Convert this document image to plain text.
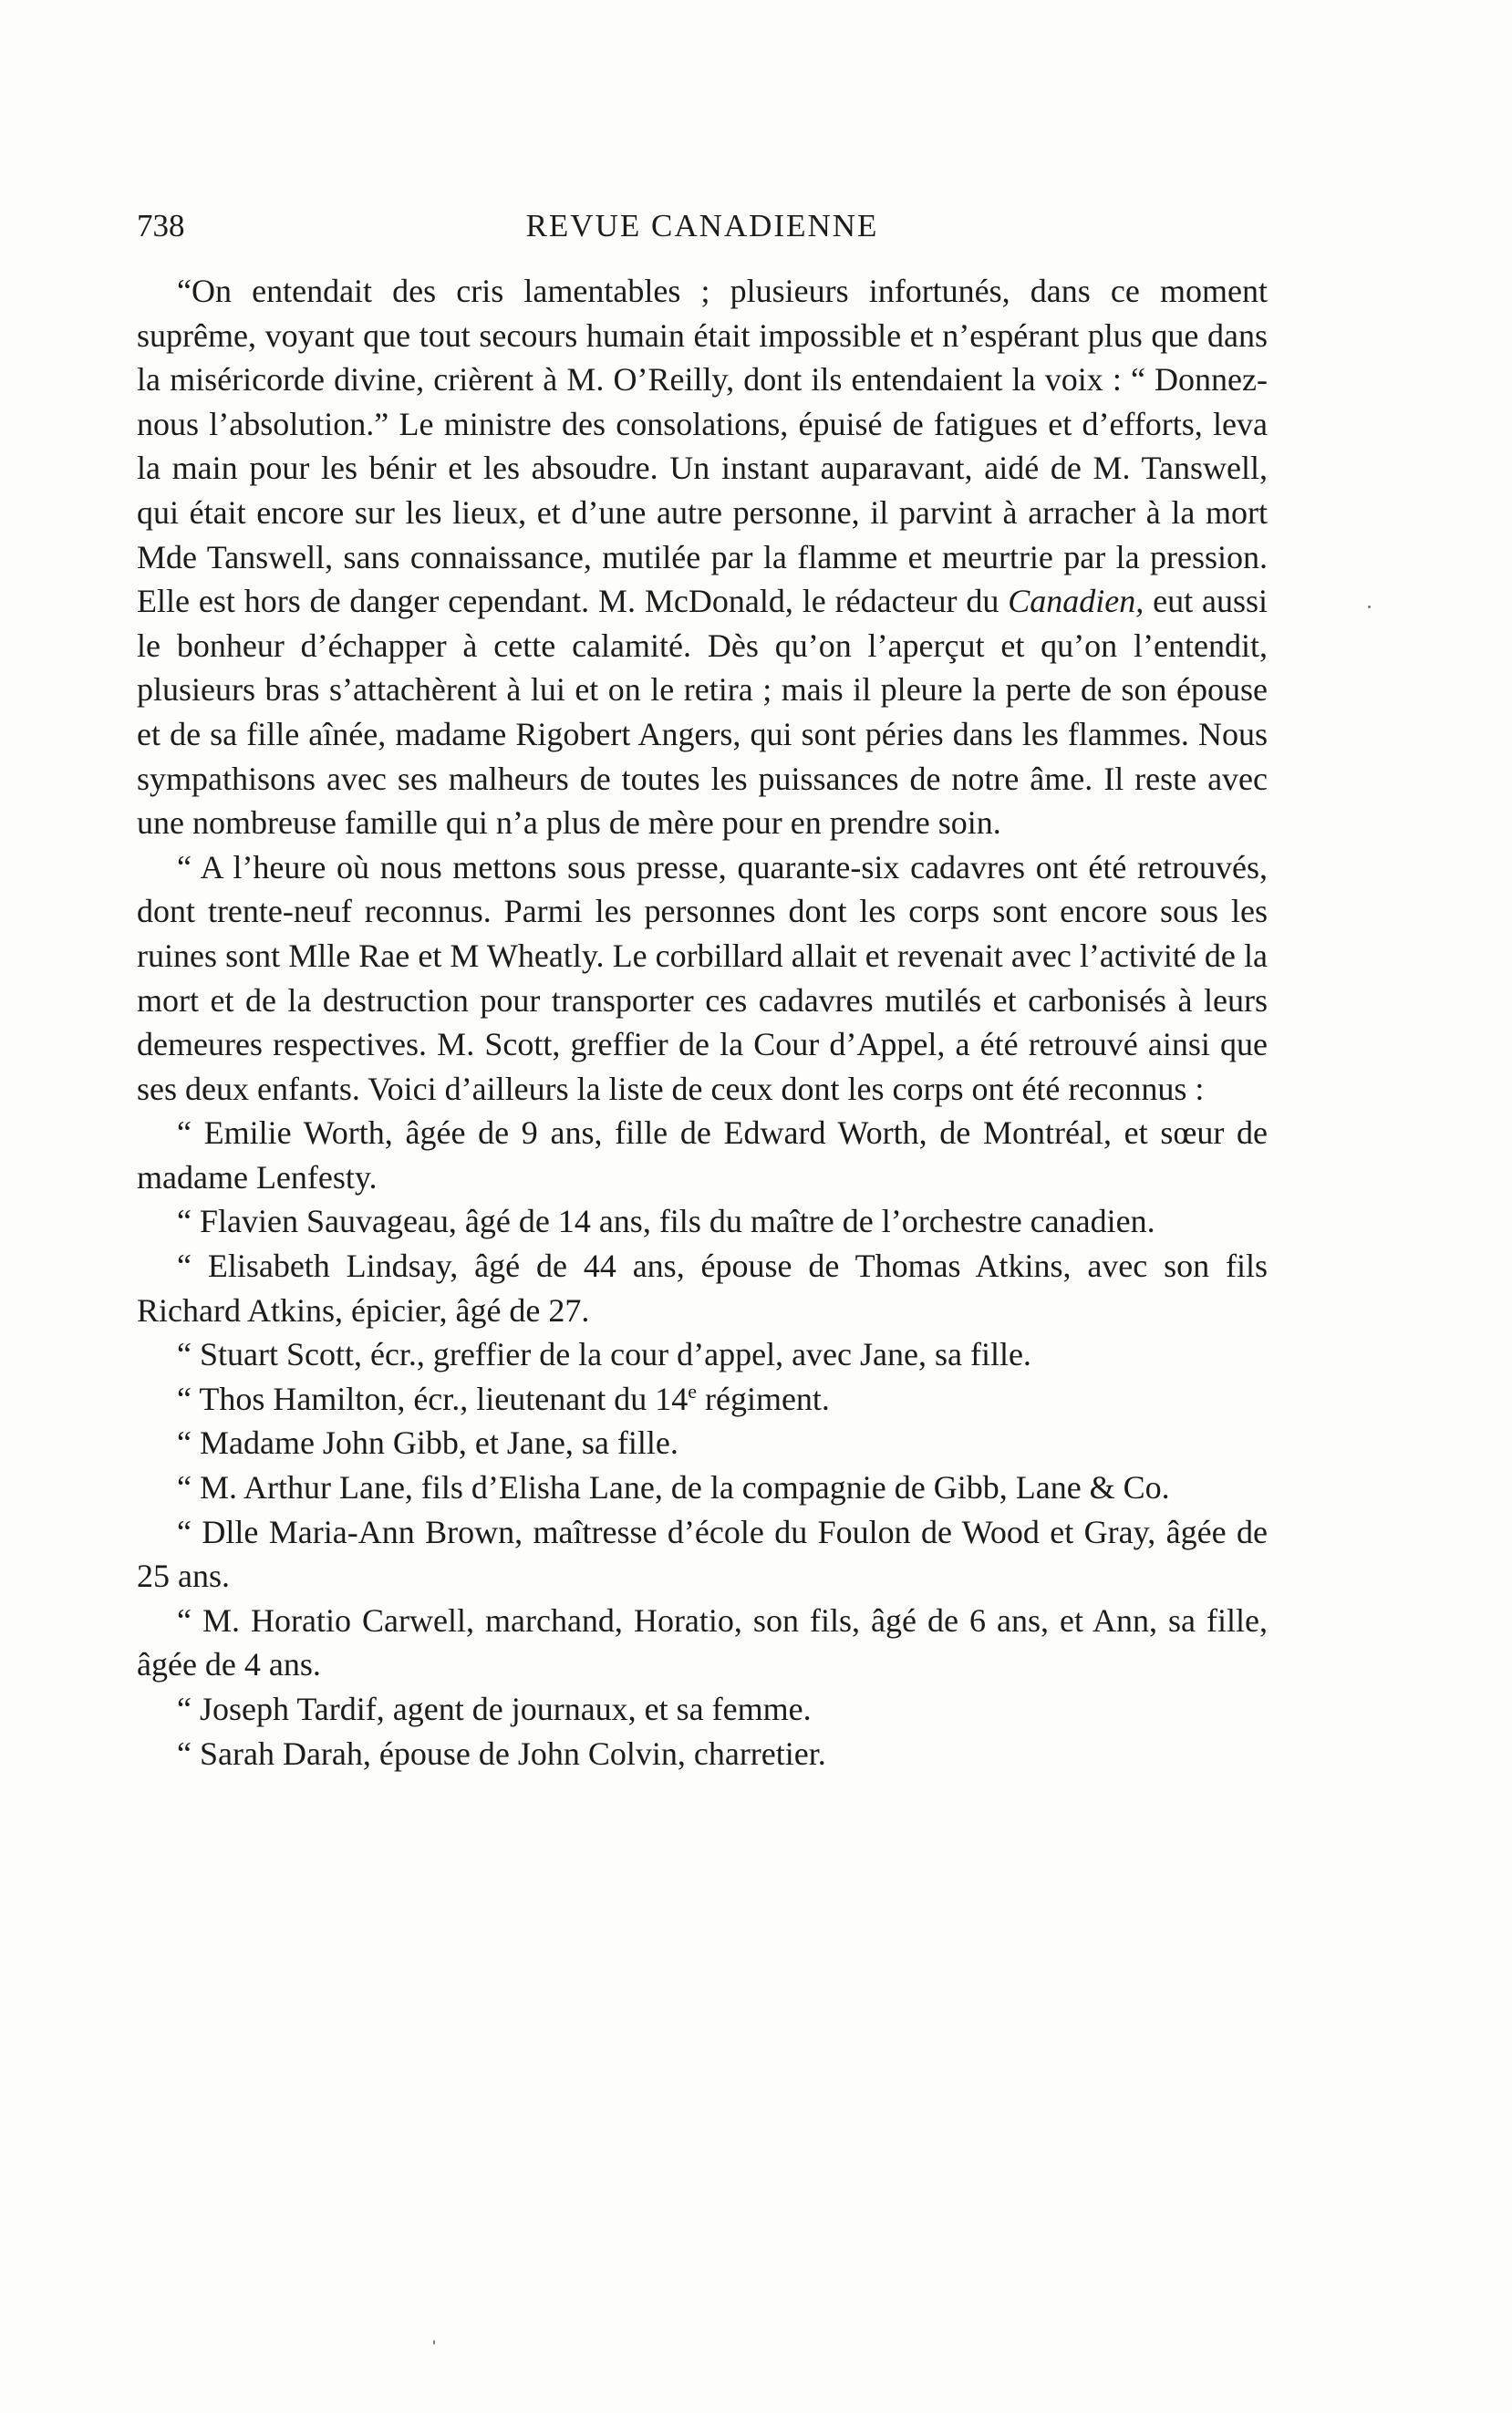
738	REVUE CANADIENNE

“On entendait des cris lamentables ; plusieurs infortunés, dans ce moment suprême, voyant que tout secours humain était impossible et n’espérant plus que dans la miséricorde divine, crièrent à M. O’Reilly, dont ils entendaient la voix : “ Donnez-nous l’absolution.” Le ministre des consolations, épuisé de fatigues et d’efforts, leva la main pour les bénir et les absoudre. Un instant auparavant, aidé de M. Tanswell, qui était encore sur les lieux, et d’une autre personne, il parvint à arracher à la mort Mde Tanswell, sans connaissance, mutilée par la flamme et meurtrie par la pression. Elle est hors de danger cependant. M. McDonald, le rédacteur du Canadien, eut aussi le bonheur d’échapper à cette calamité. Dès qu’on l’aperçut et qu’on l’entendit, plusieurs bras s’attachèrent à lui et on le retira ; mais il pleure la perte de son épouse et de sa fille aînée, madame Rigobert Angers, qui sont péries dans les flammes. Nous sympathisons avec ses malheurs de toutes les puissances de notre âme. Il reste avec une nombreuse famille qui n’a plus de mère pour en prendre soin.

“ A l’heure où nous mettons sous presse, quarante-six cadavres ont été retrouvés, dont trente-neuf reconnus. Parmi les personnes dont les corps sont encore sous les ruines sont Mlle Rae et M Wheatly. Le corbillard allait et revenait avec l’activité de la mort et de la destruction pour transporter ces cadavres mutilés et carbonisés à leurs demeures respectives. M. Scott, greffier de la Cour d’Appel, a été retrouvé ainsi que ses deux enfants. Voici d’ailleurs la liste de ceux dont les corps ont été reconnus :

“ Emilie Worth, âgée de 9 ans, fille de Edward Worth, de Montréal, et sœur de madame Lenfesty.

“ Flavien Sauvageau, âgé de 14 ans, fils du maître de l’orchestre canadien.

“ Elisabeth Lindsay, âgé de 44 ans, épouse de Thomas Atkins, avec son fils Richard Atkins, épicier, âgé de 27.

“ Stuart Scott, écr., greffier de la cour d’appel, avec Jane, sa fille.

“ Thos Hamilton, écr., lieutenant du 14e régiment.

“ Madame John Gibb, et Jane, sa fille.

“ M. Arthur Lane, fils d’Elisha Lane, de la compagnie de Gibb, Lane & Co.

“ Dlle Maria-Ann Brown, maîtresse d’école du Foulon de Wood et Gray, âgée de 25 ans.

“ M. Horatio Carwell, marchand, Horatio, son fils, âgé de 6 ans, et Ann, sa fille, âgée de 4 ans.

“ Joseph Tardif, agent de journaux, et sa femme.

“ Sarah Darah, épouse de John Colvin, charretier.
